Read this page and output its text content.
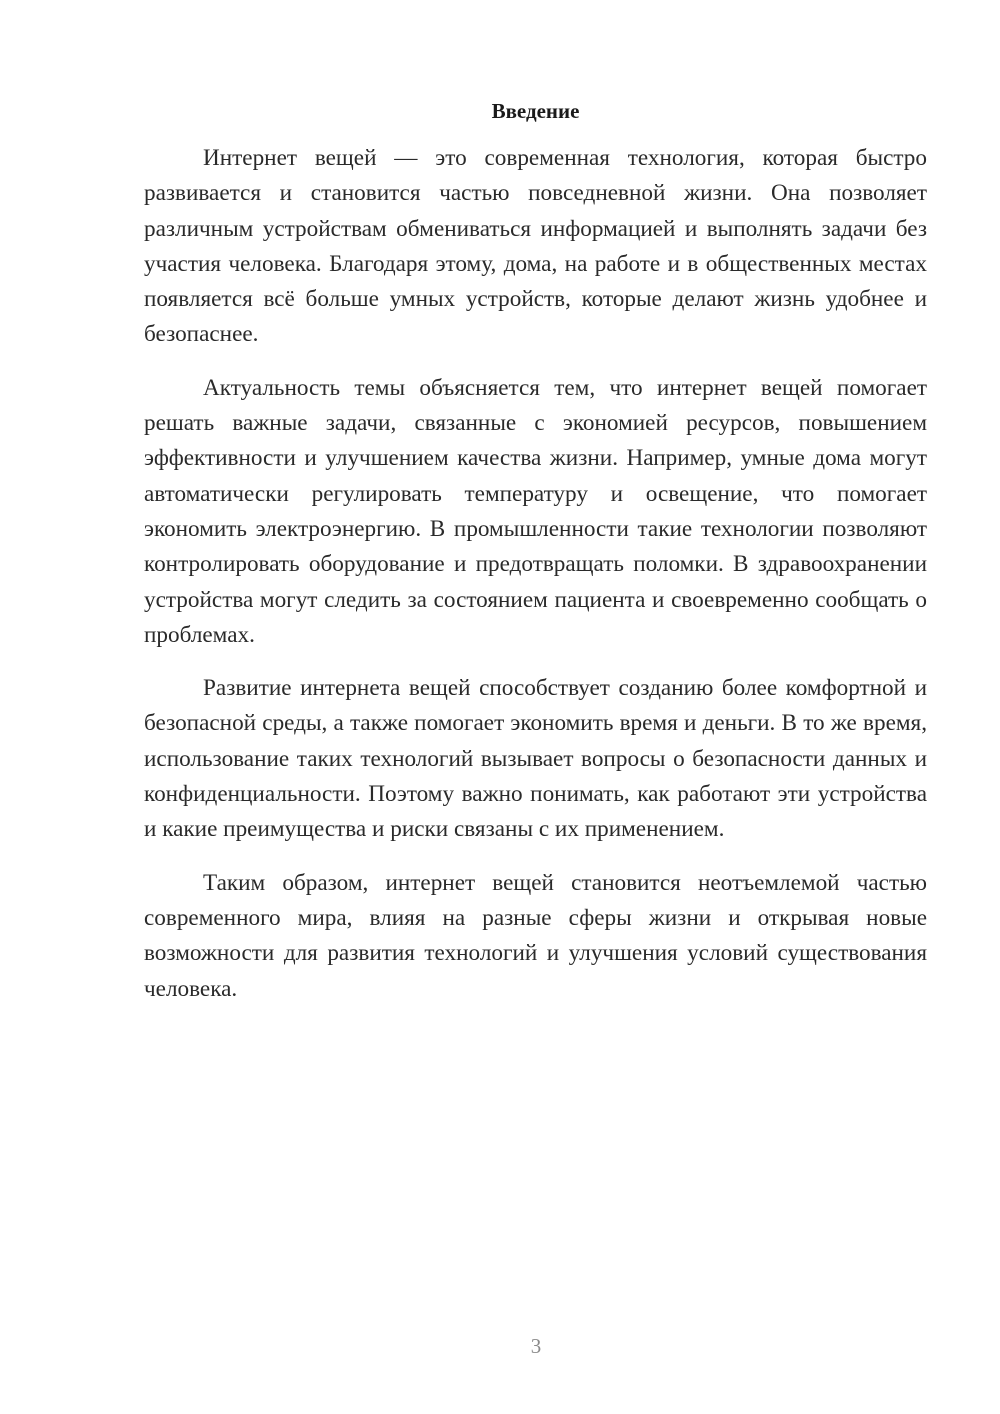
Введение

Интернет вещей — это современная технология, которая быстро развивается и становится частью повседневной жизни. Она позволяет различным устройствам обмениваться информацией и выполнять задачи без участия человека. Благодаря этому, дома, на работе и в общественных местах появляется всё больше умных устройств, которые делают жизнь удобнее и безопаснее.

Актуальность темы объясняется тем, что интернет вещей помогает решать важные задачи, связанные с экономией ресурсов, повышением эффективности и улучшением качества жизни. Например, умные дома могут автоматически регулировать температуру и освещение, что помогает экономить электроэнергию. В промышленности такие технологии позволяют контролировать оборудование и предотвращать поломки. В здравоохранении устройства могут следить за состоянием пациента и своевременно сообщать о проблемах.

Развитие интернета вещей способствует созданию более комфортной и безопасной среды, а также помогает экономить время и деньги. В то же время, использование таких технологий вызывает вопросы о безопасности данных и конфиденциальности. Поэтому важно понимать, как работают эти устройства и какие преимущества и риски связаны с их применением.

Таким образом, интернет вещей становится неотъемлемой частью современного мира, влияя на разные сферы жизни и открывая новые возможности для развития технологий и улучшения условий существования человека.

3
